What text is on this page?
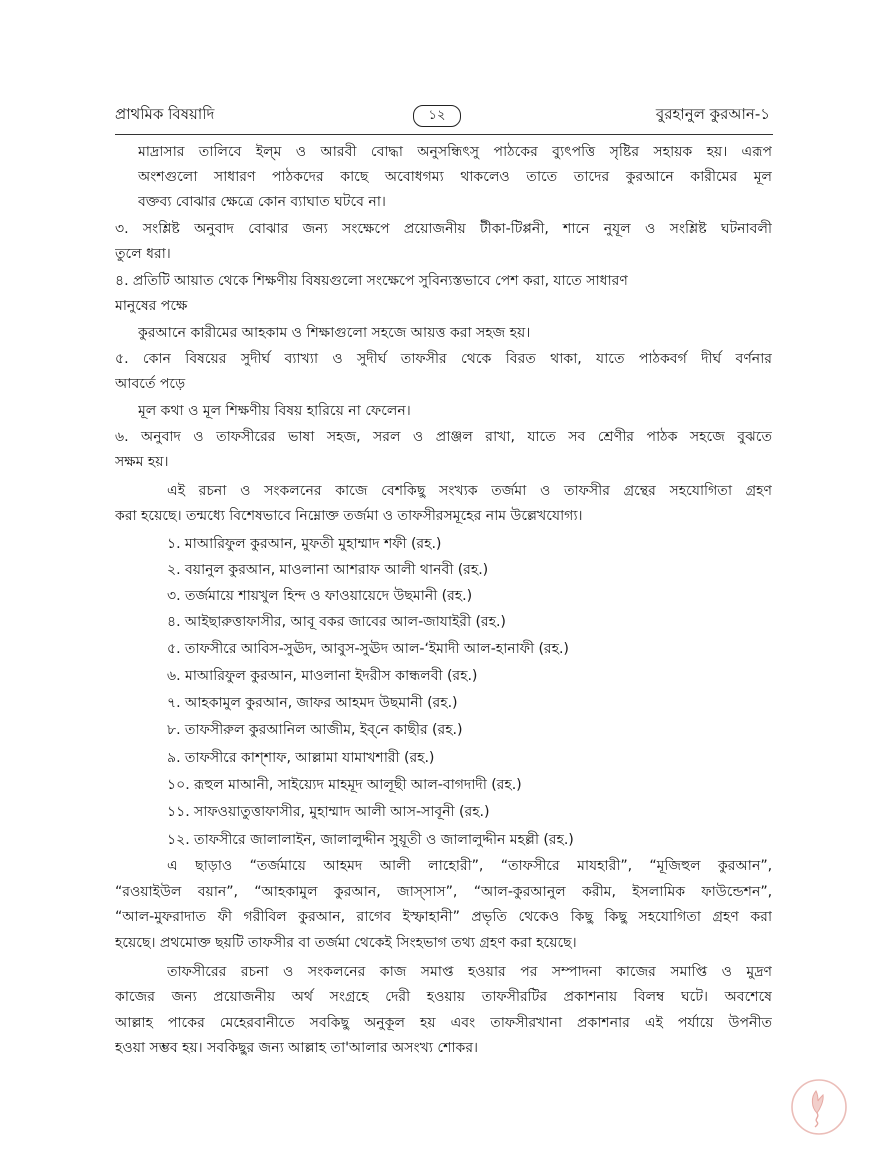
প্রাথমিক বিষয়াদি	১২	বুরহানুল কুরআন-১
মাদ্রাসার তালিবে ইল্‌ম ও আরবী বোদ্ধা অনুসন্ধিৎসু পাঠকের ব্যুৎপত্তি সৃষ্টির সহায়ক হয়। এরূপ
অংশগুলো সাধারণ পাঠকদের কাছে অবোধগম্য থাকলেও তাতে তাদের কুরআনে কারীমের মূল
বক্তব্য বোঝার ক্ষেত্রে কোন ব্যাঘাত ঘটবে না।
৩. সংশ্লিষ্ট অনুবাদ বোঝার জন্য সংক্ষেপে প্রয়োজনীয় টীকা-টিপ্পনী, শানে নুযূল ও সংশ্লিষ্ট ঘটনাবলী
তুলে ধরা।
৪. প্রতিটি আয়াত থেকে শিক্ষণীয় বিষয়গুলো সংক্ষেপে সুবিন্যস্তভাবে পেশ করা, যাতে সাধারণ
মানুষের পক্ষে
কুরআনে কারীমের আহকাম ও শিক্ষাগুলো সহজে আয়ত্ত করা সহজ হয়।
৫. কোন বিষয়ের সুদীর্ঘ ব্যাখ্যা ও সুদীর্ঘ তাফসীর থেকে বিরত থাকা, যাতে পাঠকবর্গ দীর্ঘ বর্ণনার
আবর্তে পড়ে
মূল কথা ও মূল শিক্ষণীয় বিষয় হারিয়ে না ফেলেন।
৬. অনুবাদ ও তাফসীরের ভাষা সহজ, সরল ও প্রাঞ্জল রাখা, যাতে সব শ্রেণীর পাঠক সহজে বুঝতে
সক্ষম হয়।
এই রচনা ও সংকলনের কাজে বেশকিছু সংখ্যক তর্জমা ও তাফসীর গ্রন্থের সহযোগিতা গ্রহণ
করা হয়েছে। তন্মধ্যে বিশেষভাবে নিম্নোক্ত তর্জমা ও তাফসীরসমূহের নাম উল্লেখযোগ্য।
১. মাআরিফুল কুরআন, মুফতী মুহাম্মাদ শফী (রহ.)
২. বয়ানুল কুরআন, মাওলানা আশরাফ আলী থানবী (রহ.)
৩. তর্জমায়ে শায়খুল হিন্দ ও ফাওয়ায়েদে উছমানী (রহ.)
৪. আইছারুত্তাফাসীর, আবূ বকর জাবের আল-জাযাইরী (রহ.)
৫. তাফসীরে আবিস-সুঊদ, আবুস-সুঊদ আল-‘ইমাদী আল-হানাফী (রহ.)
৬. মাআরিফুল কুরআন, মাওলানা ইদরীস কান্ধলবী (রহ.)
৭. আহকামুল কুরআন, জাফর আহমদ উছমানী (রহ.)
৮. তাফসীরুল কুরআনিল আজীম, ইব্‌নে কাছীর (রহ.)
৯. তাফসীরে কাশ্‌শাফ, আল্লামা যামাখশারী (রহ.)
১০. রূহুল মাআনী, সাইয়্যেদ মাহমূদ আলূছী আল-বাগদাদী (রহ.)
১১. সাফওয়াতুত্তাফাসীর, মুহাম্মাদ আলী আস-সাবূনী (রহ.)
১২. তাফসীরে জালালাইন, জালালুদ্দীন সুয়ূতী ও জালালুদ্দীন মহল্লী (রহ.)
এ ছাড়াও “তর্জমায়ে আহমদ আলী লাহোরী”, “তাফসীরে মাযহারী”, “মূজিহুল কুরআন”,
“রওয়াইউল বয়ান”, “আহকামুল কুরআন, জাস্‌সাস”, “আল-কুরআনুল করীম, ইসলামিক ফাউন্ডেশন”,
“আল-মুফরাদাত ফী গরীবিল কুরআন, রাগেব ইস্ফাহানী” প্রভৃতি থেকেও কিছু কিছু সহযোগিতা গ্রহণ করা
হয়েছে। প্রথমোক্ত ছয়টি তাফসীর বা তর্জমা থেকেই সিংহভাগ তথ্য গ্রহণ করা হয়েছে।
তাফসীরের রচনা ও সংকলনের কাজ সমাপ্ত হওয়ার পর সম্পাদনা কাজের সমাপ্তি ও মুদ্রণ
কাজের জন্য প্রয়োজনীয় অর্থ সংগ্রহে দেরী হওয়ায় তাফসীরটির প্রকাশনায় বিলম্ব ঘটে। অবশেষে
আল্লাহ পাকের মেহেরবানীতে সবকিছু অনুকূল হয় এবং তাফসীরখানা প্রকাশনার এই পর্যায়ে উপনীত
হওয়া সম্ভব হয়। সবকিছুর জন্য আল্লাহ তা'আলার অসংখ্য শোকর।
